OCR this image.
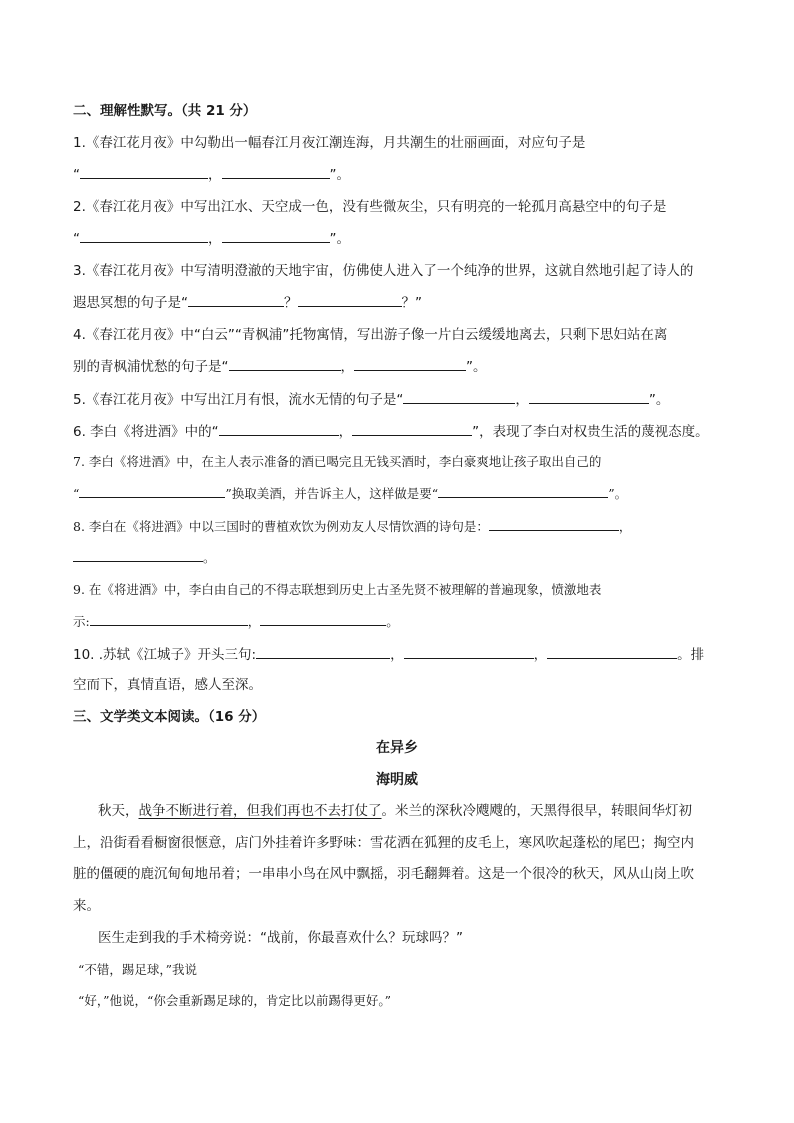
二、理解性默写。（共 21 分）
1.《春江花月夜》中勾勒出一幅春江月夜江潮连海，月共潮生的壮丽画面，对应句子是
“	，	”。
2.《春江花月夜》中写出江水、天空成一色，没有些微灰尘，只有明亮的一轮孤月高悬空中的句子是
“	，	”。
3.《春江花月夜》中写清明澄澈的天地宇宙，仿佛使人进入了一个纯净的世界，这就自然地引起了诗人的
遐思冥想的句子是“	？	？”
4.《春江花月夜》中“白云”“青枫浦”托物寓情，写出游子像一片白云缓缓地离去，只剩下思妇站在离
别的青枫浦忧愁的句子是“	，	”。
5.《春江花月夜》中写出江月有恨，流水无情的句子是“	，	”。
6. 李白《将进酒》中的“	，	”，表现了李白对权贵生活的蔑视态度。
7. 李白《将进酒》中，在主人表示准备的酒已喝完且无钱买酒时，李白豪爽地让孩子取出自己的
“	”换取美酒，并告诉主人，这样做是要“	”。
8. 李白在《将进酒》中以三国时的曹植欢饮为例劝友人尽情饮酒的诗句是：	，
。
9. 在《将进酒》中，李白由自己的不得志联想到历史上古圣先贤不被理解的普遍现象，愤激地表
示:	，	。
10. .苏轼《江城子》开头三句:	，	，	。排
空而下，真情直语，感人至深。
三、文学类文本阅读。（16 分）
在异乡
海明威
秋天，战争不断进行着，但我们再也不去打仗了。米兰的深秋冷飕飕的，天黑得很早，转眼间华灯初
上，沿街看看橱窗很惬意，店门外挂着许多野味：雪花洒在狐狸的皮毛上，寒风吹起蓬松的尾巴；掏空内
脏的僵硬的鹿沉甸甸地吊着；一串串小鸟在风中飘摇，羽毛翻舞着。这是一个很冷的秋天，风从山岗上吹
来。
医生走到我的手术椅旁说：“战前，你最喜欢什么？玩球吗？”
“不错，踢足球，”我说
“好，”他说，“你会重新踢足球的，肯定比以前踢得更好。”
